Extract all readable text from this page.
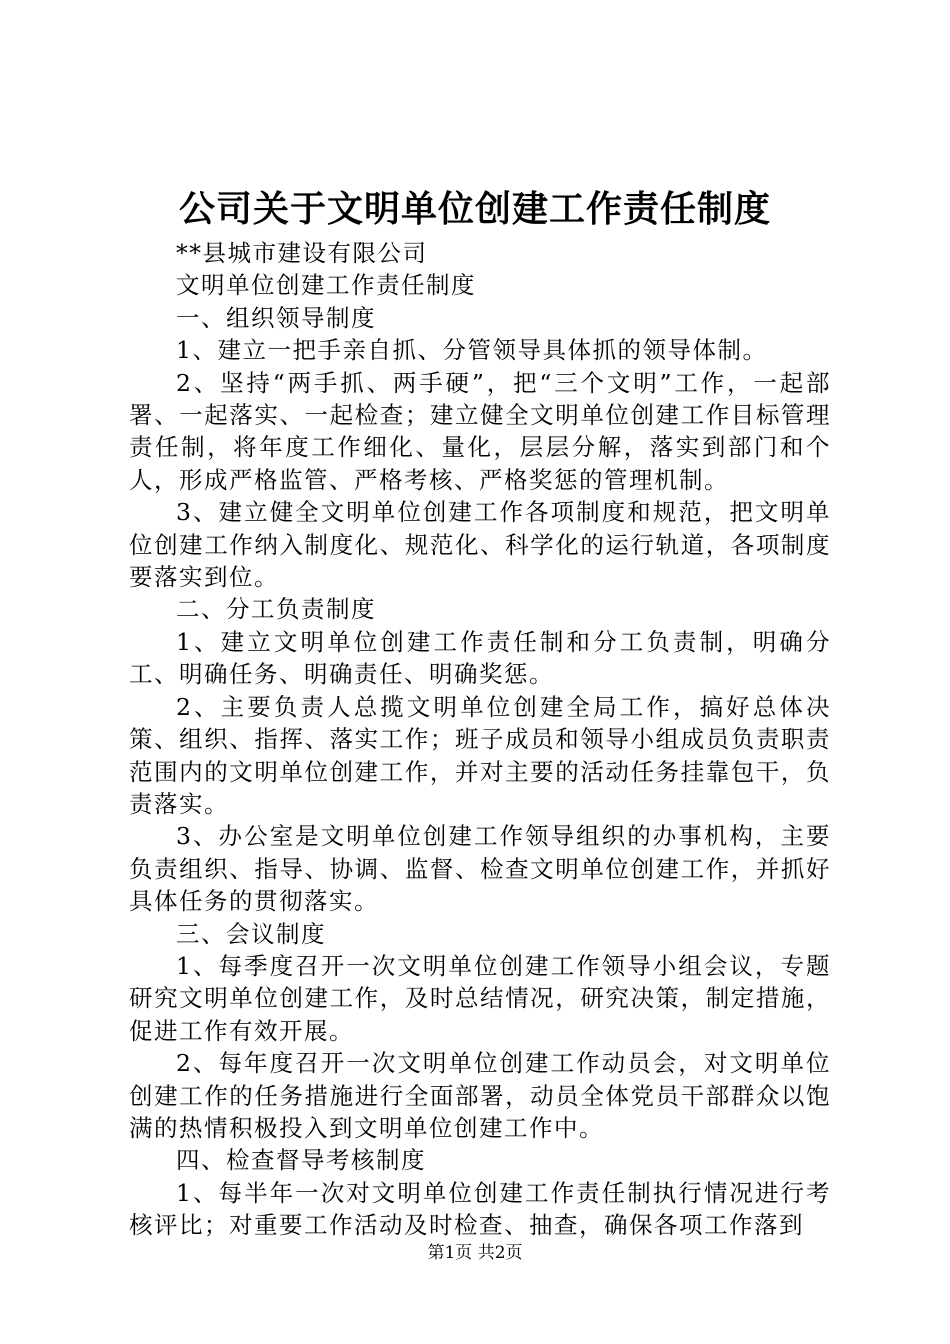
公司关于文明单位创建工作责任制度

**县城市建设有限公司

文明单位创建工作责任制度

一、组织领导制度

1、建立一把手亲自抓、分管领导具体抓的领导体制。

2、坚持“两手抓、两手硬”，把“三个文明”工作，一起部署、一起落实、一起检查；建立健全文明单位创建工作目标管理责任制，将年度工作细化、量化，层层分解，落实到部门和个人，形成严格监管、严格考核、严格奖惩的管理机制。

3、建立健全文明单位创建工作各项制度和规范，把文明单位创建工作纳入制度化、规范化、科学化的运行轨道，各项制度要落实到位。

二、分工负责制度

1、建立文明单位创建工作责任制和分工负责制，明确分工、明确任务、明确责任、明确奖惩。

2、主要负责人总揽文明单位创建全局工作，搞好总体决策、组织、指挥、落实工作；班子成员和领导小组成员负责职责范围内的文明单位创建工作，并对主要的活动任务挂靠包干，负责落实。

3、办公室是文明单位创建工作领导组织的办事机构，主要负责组织、指导、协调、监督、检查文明单位创建工作，并抓好具体任务的贯彻落实。

三、会议制度

1、每季度召开一次文明单位创建工作领导小组会议，专题研究文明单位创建工作，及时总结情况，研究决策，制定措施，促进工作有效开展。

2、每年度召开一次文明单位创建工作动员会，对文明单位创建工作的任务措施进行全面部署，动员全体党员干部群众以饱满的热情积极投入到文明单位创建工作中。

四、检查督导考核制度

1、每半年一次对文明单位创建工作责任制执行情况进行考核评比；对重要工作活动及时检查、抽查，确保各项工作落到

第1页 共2页
